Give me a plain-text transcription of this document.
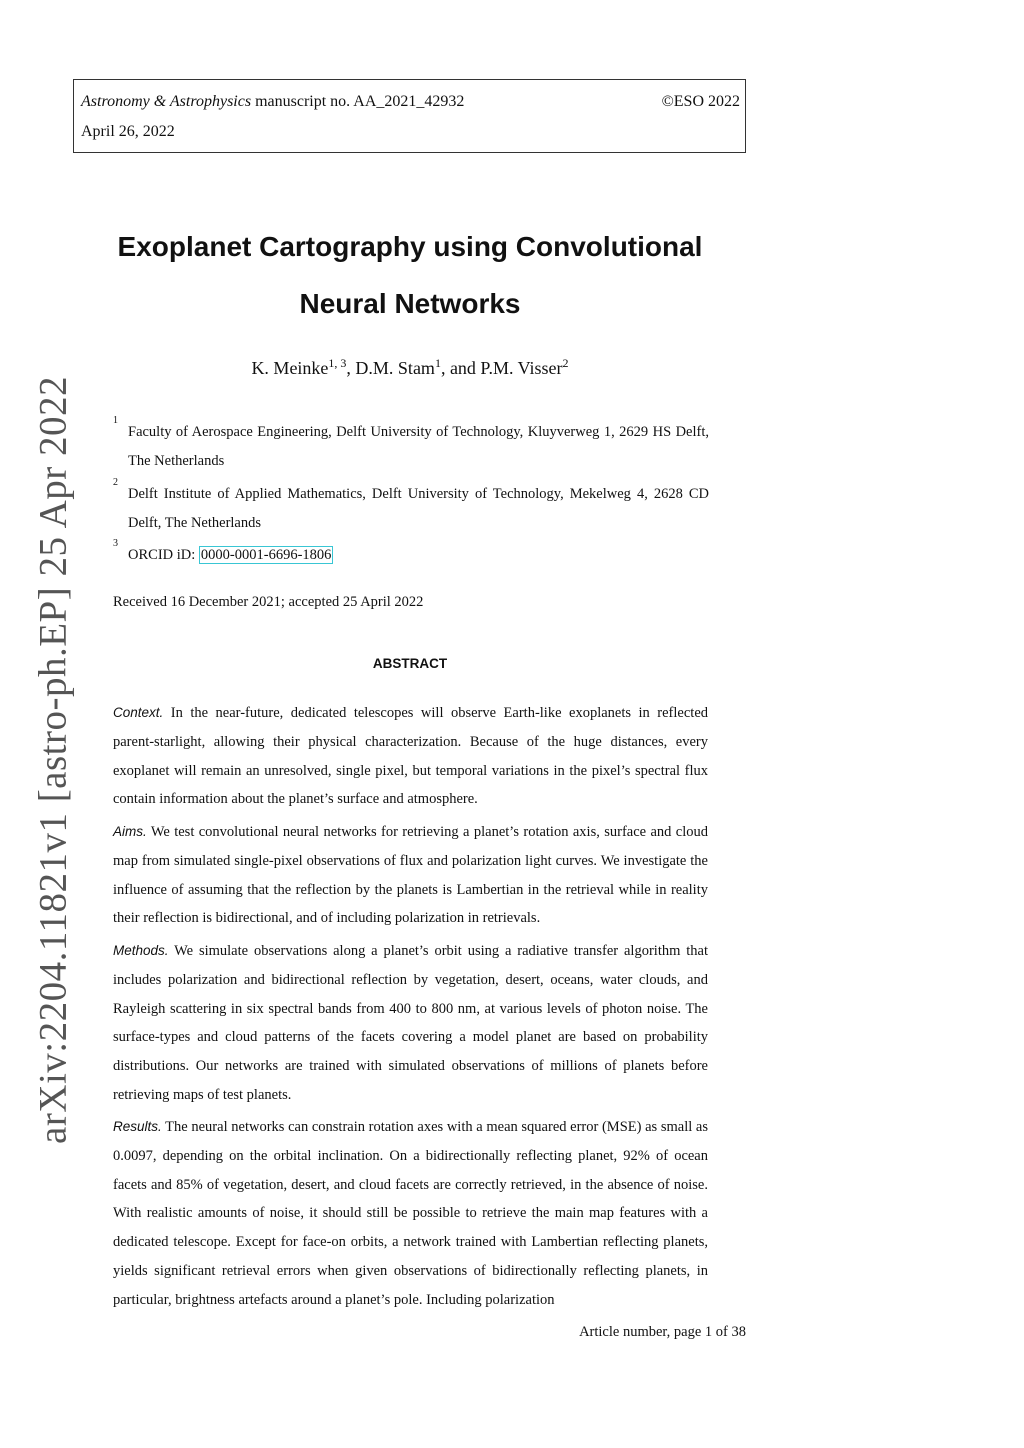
Astronomy & Astrophysics manuscript no. AA_2021_42932	©ESO 2022
April 26, 2022
Exoplanet Cartography using Convolutional
Neural Networks
K. Meinke$^{1, 3}$, D.M. Stam$^1$, and P.M. Visser$^2$
1
Faculty of Aerospace Engineering, Delft University of Technology, Kluyverweg 1, 2629 HS Delft, The Netherlands
2
Delft Institute of Applied Mathematics, Delft University of Technology, Mekelweg 4, 2628 CD Delft, The Netherlands
3
ORCID iD: 0000-0001-6696-1806
Received 16 December 2021; accepted 25 April 2022
ABSTRACT
Context. In the near-future, dedicated telescopes will observe Earth-like exoplanets in reflected parent-starlight, allowing their physical characterization. Because of the huge distances, every exoplanet will remain an unresolved, single pixel, but temporal variations in the pixel’s spectral flux contain information about the planet’s surface and atmosphere.
Aims. We test convolutional neural networks for retrieving a planet’s rotation axis, surface and cloud map from simulated single-pixel observations of flux and polarization light curves. We investigate the influence of assuming that the reflection by the planets is Lambertian in the retrieval while in reality their reflection is bidirectional, and of including polarization in retrievals.
Methods. We simulate observations along a planet’s orbit using a radiative transfer algorithm that includes polarization and bidirectional reflection by vegetation, desert, oceans, water clouds, and Rayleigh scattering in six spectral bands from 400 to 800 nm, at various levels of photon noise. The surface-types and cloud patterns of the facets covering a model planet are based on probability distributions. Our networks are trained with simulated observations of millions of planets before retrieving maps of test planets.
Results. The neural networks can constrain rotation axes with a mean squared error (MSE) as small as 0.0097, depending on the orbital inclination. On a bidirectionally reflecting planet, 92% of ocean facets and 85% of vegetation, desert, and cloud facets are correctly retrieved, in the absence of noise. With realistic amounts of noise, it should still be possible to retrieve the main map features with a dedicated telescope. Except for face-on orbits, a network trained with Lambertian reflecting planets, yields significant retrieval errors when given observations of bidirectionally reflecting planets, in particular, brightness artefacts around a planet’s pole. Including polarization
Article number, page 1 of 38
arXiv:2204.11821v1 [astro-ph.EP] 25 Apr 2022
